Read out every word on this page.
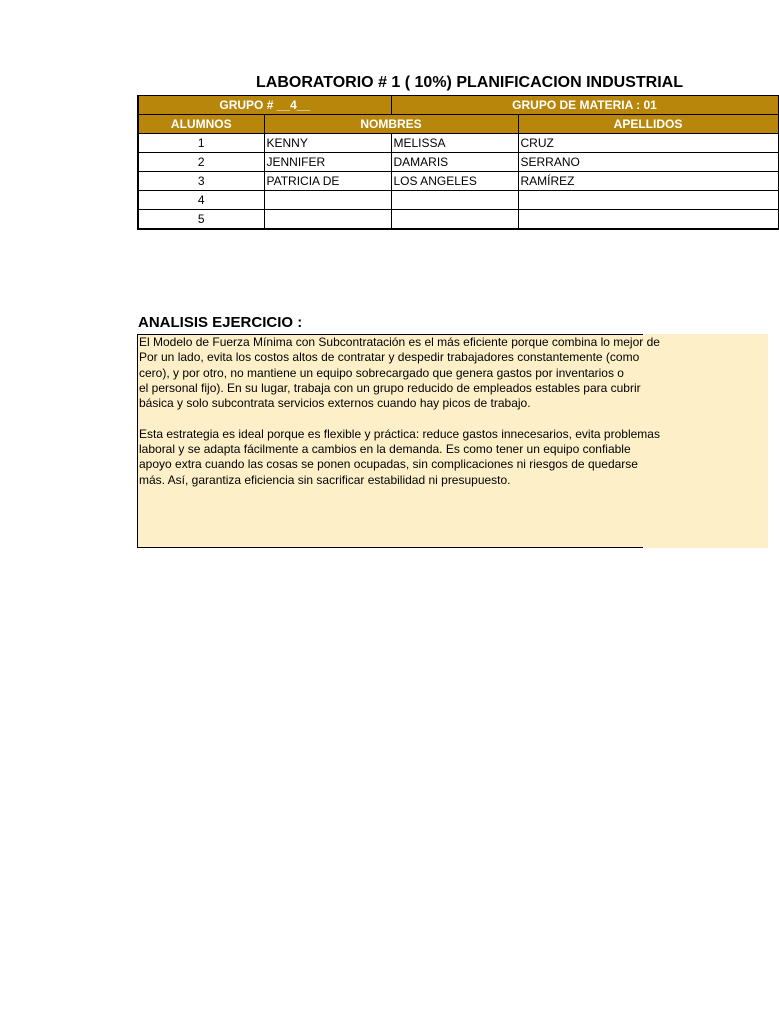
LABORATORIO # 1 ( 10%) PLANIFICACION INDUSTRIAL
GRUPO # __4__		GRUPO DE MATERIA : 01	
ALUMNOS	NOMBRES		APELLIDOS
1	KENNY	MELISSA	CRUZ
2	JENNIFER	DAMARIS	SERRANO
3	PATRICIA DE	LOS ANGELES	RAMÍREZ
4			
5			
ANALISIS EJERCICIO :
El Modelo de Fuerza Mínima con Subcontratación es el más eficiente porque combina lo mejor de
Por un lado, evita los costos altos de contratar y despedir trabajadores constantemente (como
cero), y por otro, no mantiene un equipo sobrecargado que genera gastos por inventarios o
el personal fijo). En su lugar, trabaja con un grupo reducido de empleados estables para cubrir
básica y solo subcontrata servicios externos cuando hay picos de trabajo.

Esta estrategia es ideal porque es flexible y práctica: reduce gastos innecesarios, evita problemas
laboral y se adapta fácilmente a cambios en la demanda. Es como tener un equipo confiable
apoyo extra cuando las cosas se ponen ocupadas, sin complicaciones ni riesgos de quedarse
más. Así, garantiza eficiencia sin sacrificar estabilidad ni presupuesto.
